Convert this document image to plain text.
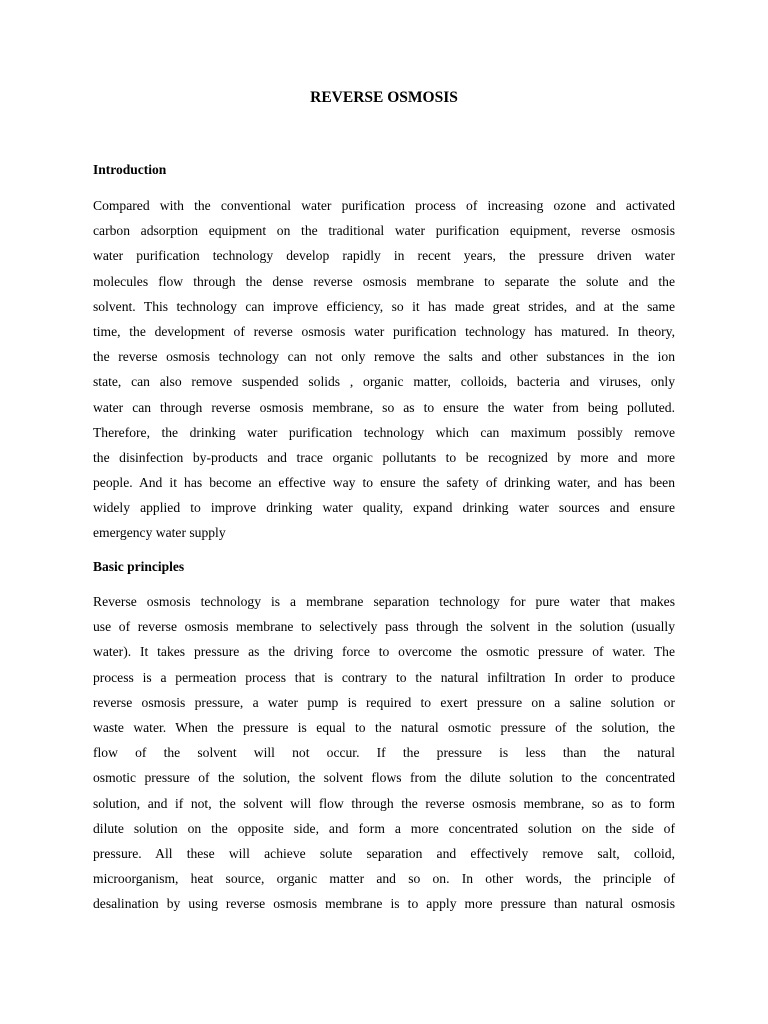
REVERSE OSMOSIS
Introduction
Compared with the conventional water purification process of increasing ozone and activated
carbon adsorption equipment on the traditional water purification equipment, reverse osmosis
water purification technology develop rapidly in recent years, the pressure driven water
molecules flow through the dense reverse osmosis membrane to separate the solute and the
solvent. This technology can improve efficiency, so it has made great strides, and at the same
time, the development of reverse osmosis water purification technology has matured. In theory,
the reverse osmosis technology can not only remove the salts and other substances in the ion
state, can also remove suspended solids , organic matter, colloids, bacteria and viruses, only
water can through reverse osmosis membrane, so as to ensure the water from being polluted.
Therefore, the drinking water purification technology which can maximum possibly remove
the disinfection by-products and trace organic pollutants to be recognized by more and more
people. And it has become an effective way to ensure the safety of drinking water, and has been
widely applied to improve drinking water quality, expand drinking water sources and ensure
emergency water supply
Basic principles
Reverse osmosis technology is a membrane separation technology for pure water that makes
use of reverse osmosis membrane to selectively pass through the solvent in the solution (usually
water). It takes pressure as the driving force to overcome the osmotic pressure of water. The
process is a permeation process that is contrary to the natural infiltration In order to produce
reverse osmosis pressure, a water pump is required to exert pressure on a saline solution or
waste water. When the pressure is equal to the natural osmotic pressure of the solution, the
flow of the solvent will not occur. If the pressure is less than the natural
osmotic pressure of the solution, the solvent flows from the dilute solution to the concentrated
solution, and if not, the solvent will flow through the reverse osmosis membrane, so as to form
dilute solution on the opposite side, and form a more concentrated solution on the side of
pressure. All these will achieve solute separation and effectively remove salt, colloid,
microorganism, heat source, organic matter and so on. In other words, the principle of
desalination by using reverse osmosis membrane is to apply more pressure than natural osmosis
